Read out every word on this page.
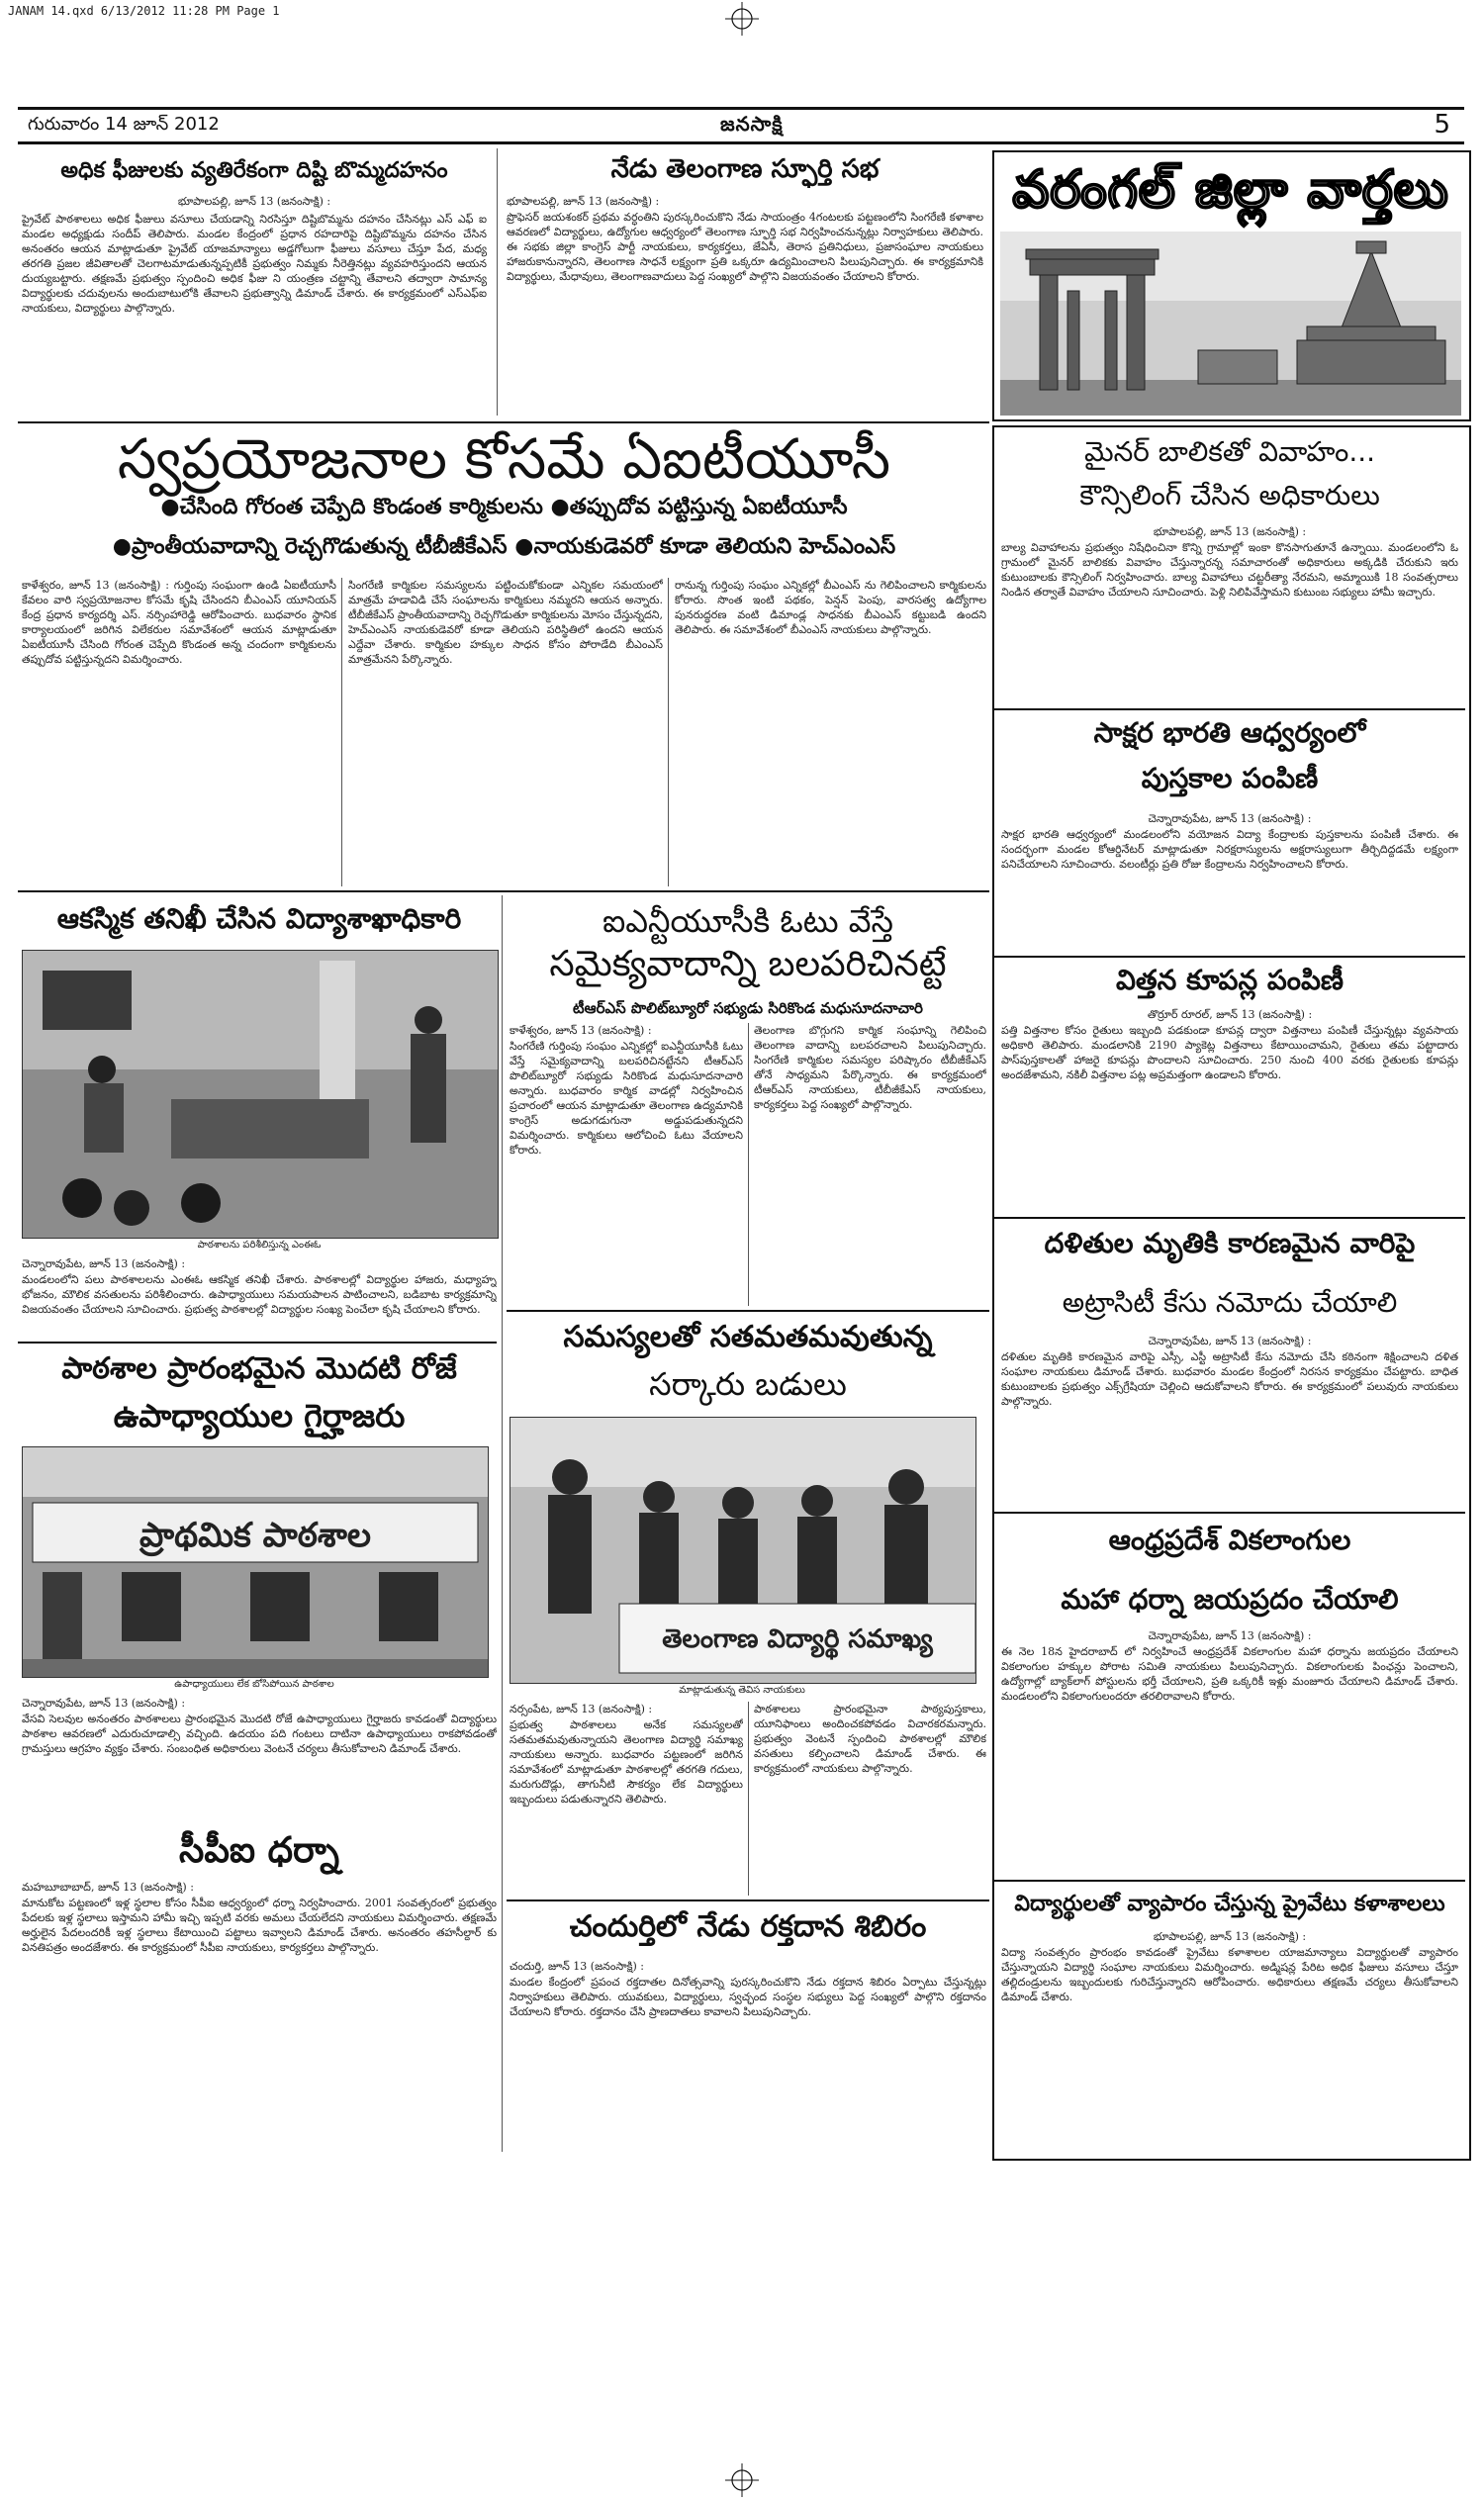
JANAM 14.qxd 6/13/2012 11:28 PM Page 1
గురువారం 14 జూన్ 2012	జనసాక్షి	5
అధిక ఫీజులకు వ్యతిరేకంగా దిష్టి బొమ్మదహనం
భూపాలపల్లి, జూన్ 13 (జనంసాక్షి) :
ప్రైవేట్ పాఠశాలలు అధిక ఫీజులు వసూలు చేయడాన్ని నిరసిస్తూ దిష్టిబొమ్మను దహనం చేసినట్లు ఎస్ ఎఫ్ ఐ మండల అధ్యక్షుడు సందీప్ తెలిపారు. మండల కేంద్రంలో ప్రధాన రహదారిపై దిష్టిబొమ్మను దహనం చేసిన అనంతరం ఆయన మాట్లాడుతూ ప్రైవేట్ యాజమాన్యాలు అడ్డగోలుగా ఫీజులు వసూలు చేస్తూ పేద, మధ్య తరగతి ప్రజల జీవితాలతో చెలగాటమాడుతున్నప్పటికీ ప్రభుత్వం నిమ్మకు నీరెత్తినట్లు వ్యవహరిస్తుందని ఆయన దుయ్యబట్టారు. తక్షణమే ప్రభుత్వం స్పందించి అధిక ఫీజు ని యంత్రణ చట్టాన్ని తేవాలని తద్వారా సామాన్య విద్యార్థులకు చదువులను అందుబాటులోకి తేవాలని ప్రభుత్వాన్ని డిమాండ్ చేశారు. ఈ కార్యక్రమంలో ఎస్ఎఫ్ఐ నాయకులు, విద్యార్థులు పాల్గొన్నారు.
నేడు తెలంగాణ స్ఫూర్తి సభ
భూపాలపల్లి, జూన్ 13 (జనంసాక్షి) :
ప్రొఫెసర్ జయశంకర్ ప్రథమ వర్ధంతిని పురస్కరించుకొని నేడు సాయంత్రం 4గంటలకు పట్టణంలోని సింగరేణి కళాశాల ఆవరణలో విద్యార్థులు, ఉద్యోగుల ఆధ్వర్యంలో తెలంగాణ స్ఫూర్తి సభ నిర్వహించనున్నట్లు నిర్వాహకులు తెలిపారు. ఈ సభకు జిల్లా కాంగ్రెస్ పార్టీ నాయకులు, కార్యకర్తలు, జేఏసీ, తెరాస ప్రతినిధులు, ప్రజాసంఘాల నాయకులు హాజరుకానున్నారని, తెలంగాణ సాధనే లక్ష్యంగా ప్రతి ఒక్కరూ ఉద్యమించాలని పిలుపునిచ్చారు. ఈ కార్యక్రమానికి విద్యార్థులు, మేధావులు, తెలంగాణవాదులు పెద్ద సంఖ్యలో పాల్గొని విజయవంతం చేయాలని కోరారు.
వరంగల్ జిల్లా వార్తలు
స్వప్రయోజనాల కోసమే ఏఐటీయూసీ
●చేసింది గోరంత చెప్పేది కొండంత కార్మికులను ●తప్పుదోవ పట్టిస్తున్న ఏఐటీయూసీ
●ప్రాంతీయవాదాన్ని రెచ్చగొడుతున్న టీబీజీకేఎస్ ●నాయకుడెవరో కూడా తెలియని హెచ్ఎంఎస్
కాళేశ్వరం, జూన్ 13 (జనంసాక్షి) : గుర్తింపు సంఘంగా ఉండి ఏఐటీయూసీ కేవలం వారి స్వప్రయోజనాల కోసమే కృషి చేసిందని బీఎంఎస్ యూనియన్ కేంద్ర ప్రధాన కార్యదర్శి ఎస్. నర్సింహారెడ్డి ఆరోపించారు. బుధవారం స్థానిక కార్యాలయంలో జరిగిన విలేకరుల సమావేశంలో ఆయన మాట్లాడుతూ ఏఐటీయూసీ చేసింది గోరంత చెప్పేది కొండంత అన్న చందంగా కార్మికులను తప్పుదోవ పట్టిస్తున్నదని విమర్శించారు.
సింగరేణి కార్మికుల సమస్యలను పట్టించుకోకుండా ఎన్నికల సమయంలో మాత్రమే హడావిడి చేసే సంఘాలను కార్మికులు నమ్మరని ఆయన అన్నారు. టీబీజీకేఎస్ ప్రాంతీయవాదాన్ని రెచ్చగొడుతూ కార్మికులను మోసం చేస్తున్నదని, హెచ్ఎంఎస్ నాయకుడెవరో కూడా తెలియని పరిస్థితిలో ఉందని ఆయన ఎద్దేవా చేశారు. కార్మికుల హక్కుల సాధన కోసం పోరాడేది బీఎంఎస్ మాత్రమేనని పేర్కొన్నారు.
రానున్న గుర్తింపు సంఘం ఎన్నికల్లో బీఎంఎస్ ను గెలిపించాలని కార్మికులను కోరారు. సొంత ఇంటి పథకం, పెన్షన్ పెంపు, వారసత్వ ఉద్యోగాల పునరుద్ధరణ వంటి డిమాండ్ల సాధనకు బీఎంఎస్ కట్టుబడి ఉందని తెలిపారు. ఈ సమావేశంలో బీఎంఎస్ నాయకులు పాల్గొన్నారు.
ఆకస్మిక తనిఖీ చేసిన విద్యాశాఖాధికారి
పాఠశాలను పరిశీలిస్తున్న ఎంఈఓ
చెన్నారావుపేట, జూన్ 13 (జనంసాక్షి) :
మండలంలోని పలు పాఠశాలలను ఎంఈఓ ఆకస్మిక తనిఖీ చేశారు. పాఠశాలల్లో విద్యార్థుల హాజరు, మధ్యాహ్న భోజనం, మౌలిక వసతులను పరిశీలించారు. ఉపాధ్యాయులు సమయపాలన పాటించాలని, బడిబాట కార్యక్రమాన్ని విజయవంతం చేయాలని సూచించారు. ప్రభుత్వ పాఠశాలల్లో విద్యార్థుల సంఖ్య పెంచేలా కృషి చేయాలని కోరారు.
పాఠశాల ప్రారంభమైన మొదటి రోజే
ఉపాధ్యాయుల గైర్హాజరు
ప్రాథమిక పాఠశాల
ఉపాధ్యాయులు లేక బోసిపోయిన పాఠశాల
చెన్నారావుపేట, జూన్ 13 (జనంసాక్షి) :
వేసవి సెలవుల అనంతరం పాఠశాలలు ప్రారంభమైన మొదటి రోజే ఉపాధ్యాయులు గైర్హాజరు కావడంతో విద్యార్థులు పాఠశాల ఆవరణలో ఎదురుచూడాల్సి వచ్చింది. ఉదయం పది గంటలు దాటినా ఉపాధ్యాయులు రాకపోవడంతో గ్రామస్తులు ఆగ్రహం వ్యక్తం చేశారు. సంబంధిత అధికారులు వెంటనే చర్యలు తీసుకోవాలని డిమాండ్ చేశారు.
సీపీఐ ధర్నా
మహబూబాబాద్, జూన్ 13 (జనంసాక్షి) :
మానుకోట పట్టణంలో ఇళ్ల స్థలాల కోసం సీపీఐ ఆధ్వర్యంలో ధర్నా నిర్వహించారు. 2001 సంవత్సరంలో ప్రభుత్వం పేదలకు ఇళ్ల స్థలాలు ఇస్తామని హామీ ఇచ్చి ఇప్పటి వరకు అమలు చేయలేదని నాయకులు విమర్శించారు. తక్షణమే అర్హులైన పేదలందరికీ ఇళ్ల స్థలాలు కేటాయించి పట్టాలు ఇవ్వాలని డిమాండ్ చేశారు. అనంతరం తహసీల్దార్ కు వినతిపత్రం అందజేశారు. ఈ కార్యక్రమంలో సీపీఐ నాయకులు, కార్యకర్తలు పాల్గొన్నారు.
ఐఎన్టీయూసీకి ఓటు వేస్తే
సమైక్యవాదాన్ని బలపరిచినట్టే
టీఆర్ఎస్ పొలిట్‌బ్యూరో సభ్యుడు సిరికొండ మధుసూదనాచారి
కాళేశ్వరం, జూన్ 13 (జనంసాక్షి) :
సింగరేణి గుర్తింపు సంఘం ఎన్నికల్లో ఐఎన్టీయూసీకి ఓటు వేస్తే సమైక్యవాదాన్ని బలపరిచినట్టేనని టీఆర్ఎస్ పొలిట్‌బ్యూరో సభ్యుడు సిరికొండ మధుసూదనాచారి అన్నారు. బుధవారం కార్మిక వాడల్లో నిర్వహించిన ప్రచారంలో ఆయన మాట్లాడుతూ తెలంగాణ ఉద్యమానికి కాంగ్రెస్ అడుగడుగునా అడ్డుపడుతున్నదని విమర్శించారు. కార్మికులు ఆలోచించి ఓటు వేయాలని కోరారు.
తెలంగాణ బొగ్గుగని కార్మిక సంఘాన్ని గెలిపించి తెలంగాణ వాదాన్ని బలపరచాలని పిలుపునిచ్చారు. సింగరేణి కార్మికుల సమస్యల పరిష్కారం టీబీజీకేఎస్ తోనే సాధ్యమని పేర్కొన్నారు. ఈ కార్యక్రమంలో టీఆర్ఎస్ నాయకులు, టీబీజీకేఎస్ నాయకులు, కార్యకర్తలు పెద్ద సంఖ్యలో పాల్గొన్నారు.
సమస్యలతో సతమతమవుతున్న
సర్కారు బడులు
తెలంగాణ విద్యార్థి సమాఖ్య
మాట్లాడుతున్న తెవిస నాయకులు
నర్సంపేట, జూన్ 13 (జనంసాక్షి) :
ప్రభుత్వ పాఠశాలలు అనేక సమస్యలతో సతమతమవుతున్నాయని తెలంగాణ విద్యార్థి సమాఖ్య నాయకులు అన్నారు. బుధవారం పట్టణంలో జరిగిన సమావేశంలో మాట్లాడుతూ పాఠశాలల్లో తరగతి గదులు, మరుగుదొడ్లు, తాగునీటి సౌకర్యం లేక విద్యార్థులు ఇబ్బందులు పడుతున్నారని తెలిపారు.
పాఠశాలలు ప్రారంభమైనా పాఠ్యపుస్తకాలు, యూనిఫాంలు అందించకపోవడం విచారకరమన్నారు. ప్రభుత్వం వెంటనే స్పందించి పాఠశాలల్లో మౌలిక వసతులు కల్పించాలని డిమాండ్ చేశారు. ఈ కార్యక్రమంలో నాయకులు పాల్గొన్నారు.
చందుర్తిలో నేడు రక్తదాన శిబిరం
చందుర్తి, జూన్ 13 (జనంసాక్షి) :
మండల కేంద్రంలో ప్రపంచ రక్తదాతల దినోత్సవాన్ని పురస్కరించుకొని నేడు రక్తదాన శిబిరం ఏర్పాటు చేస్తున్నట్లు నిర్వాహకులు తెలిపారు. యువకులు, విద్యార్థులు, స్వచ్ఛంద సంస్థల సభ్యులు పెద్ద సంఖ్యలో పాల్గొని రక్తదానం చేయాలని కోరారు. రక్తదానం చేసి ప్రాణదాతలు కావాలని పిలుపునిచ్చారు.
మైనర్ బాలికతో వివాహం...
కౌన్సిలింగ్ చేసిన అధికారులు
భూపాలపల్లి, జూన్ 13 (జనంసాక్షి) :
బాల్య వివాహాలను ప్రభుత్వం నిషేధించినా కొన్ని గ్రామాల్లో ఇంకా కొనసాగుతూనే ఉన్నాయి. మండలంలోని ఓ గ్రామంలో మైనర్ బాలికకు వివాహం చేస్తున్నారన్న సమాచారంతో అధికారులు అక్కడికి చేరుకుని ఇరు కుటుంబాలకు కౌన్సిలింగ్ నిర్వహించారు. బాల్య వివాహాలు చట్టరీత్యా నేరమని, అమ్మాయికి 18 సంవత్సరాలు నిండిన తర్వాతే వివాహం చేయాలని సూచించారు. పెళ్లి నిలిపివేస్తామని కుటుంబ సభ్యులు హామీ ఇచ్చారు.
సాక్షర భారతి ఆధ్వర్యంలో
పుస్తకాల పంపిణీ
చెన్నారావుపేట, జూన్ 13 (జనంసాక్షి) :
సాక్షర భారతి ఆధ్వర్యంలో మండలంలోని వయోజన విద్యా కేంద్రాలకు పుస్తకాలను పంపిణీ చేశారు. ఈ సందర్భంగా మండల కోఆర్డినేటర్ మాట్లాడుతూ నిరక్షరాస్యులను అక్షరాస్యులుగా తీర్చిదిద్దడమే లక్ష్యంగా పనిచేయాలని సూచించారు. వలంటీర్లు ప్రతి రోజు కేంద్రాలను నిర్వహించాలని కోరారు.
విత్తన కూపన్ల పంపిణీ
తొర్రూర్ రూరల్, జూన్ 13 (జనంసాక్షి) :
పత్తి విత్తనాల కోసం రైతులు ఇబ్బంది పడకుండా కూపన్ల ద్వారా విత్తనాలు పంపిణీ చేస్తున్నట్లు వ్యవసాయ అధికారి తెలిపారు. మండలానికి 2190 ప్యాకెట్ల విత్తనాలు కేటాయించామని, రైతులు తమ పట్టాదారు పాస్‌పుస్తకాలతో హాజరై కూపన్లు పొందాలని సూచించారు. 250 నుంచి 400 వరకు రైతులకు కూపన్లు అందజేశామని, నకిలీ విత్తనాల పట్ల అప్రమత్తంగా ఉండాలని కోరారు.
దళితుల మృతికి కారణమైన వారిపై
అట్రాసిటీ కేసు నమోదు చేయాలి
చెన్నారావుపేట, జూన్ 13 (జనంసాక్షి) :
దళితుల మృతికి కారణమైన వారిపై ఎస్సీ, ఎస్టీ అట్రాసిటీ కేసు నమోదు చేసి కఠినంగా శిక్షించాలని దళిత సంఘాల నాయకులు డిమాండ్ చేశారు. బుధవారం మండల కేంద్రంలో నిరసన కార్యక్రమం చేపట్టారు. బాధిత కుటుంబాలకు ప్రభుత్వం ఎక్స్‌గ్రేషియా చెల్లించి ఆదుకోవాలని కోరారు. ఈ కార్యక్రమంలో పలువురు నాయకులు పాల్గొన్నారు.
ఆంధ్రప్రదేశ్ వికలాంగుల
మహా ధర్నా జయప్రదం చేయాలి
చెన్నారావుపేట, జూన్ 13 (జనంసాక్షి) :
ఈ నెల 18న హైదరాబాద్ లో నిర్వహించే ఆంధ్రప్రదేశ్ వికలాంగుల మహా ధర్నాను జయప్రదం చేయాలని వికలాంగుల హక్కుల పోరాట సమితి నాయకులు పిలుపునిచ్చారు. వికలాంగులకు పింఛన్లు పెంచాలని, ఉద్యోగాల్లో బ్యాక్‌లాగ్ పోస్టులను భర్తీ చేయాలని, ప్రతి ఒక్కరికీ ఇళ్లు మంజూరు చేయాలని డిమాండ్ చేశారు. మండలంలోని వికలాంగులందరూ తరలిరావాలని కోరారు.
విద్యార్థులతో వ్యాపారం చేస్తున్న ప్రైవేటు కళాశాలలు
భూపాలపల్లి, జూన్ 13 (జనంసాక్షి) :
విద్యా సంవత్సరం ప్రారంభం కావడంతో ప్రైవేటు కళాశాలల యాజమాన్యాలు విద్యార్థులతో వ్యాపారం చేస్తున్నాయని విద్యార్థి సంఘాల నాయకులు విమర్శించారు. అడ్మిషన్ల పేరిట అధిక ఫీజులు వసూలు చేస్తూ తల్లిదండ్రులను ఇబ్బందులకు గురిచేస్తున్నారని ఆరోపించారు. అధికారులు తక్షణమే చర్యలు తీసుకోవాలని డిమాండ్ చేశారు.
